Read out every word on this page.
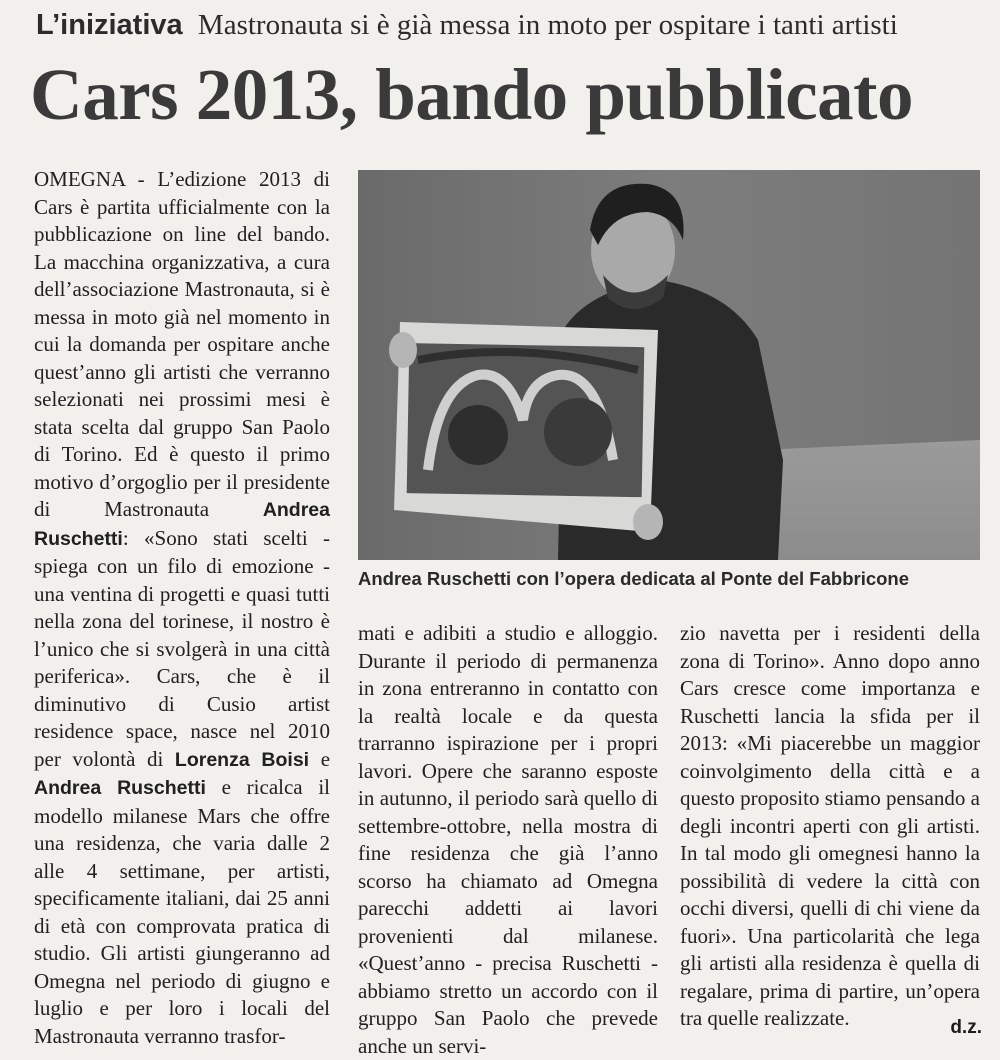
L’iniziativa Mastronauta si è già messa in moto per ospitare i tanti artisti
Cars 2013, bando pubblicato

OMEGNA - L’edizione 2013 di Cars è partita ufficialmente con la pubblicazione on line del bando. La macchina organizzativa, a cura dell’associazione Mastronauta, si è messa in moto già nel momento in cui la domanda per ospitare anche quest’anno gli artisti che verranno selezionati nei prossimi mesi è stata scelta dal gruppo San Paolo di Torino. Ed è questo il primo motivo d’orgoglio per il presidente di Mastronauta Andrea Ruschetti: «Sono stati scelti - spiega con un filo di emozione - una ventina di progetti e quasi tutti nella zona del torinese, il nostro è l’unico che si svolgerà in una città periferica». Cars, che è il diminutivo di Cusio artist residence space, nasce nel 2010 per volontà di Lorenza Boisi e Andrea Ruschetti e ricalca il modello milanese Mars che offre una residenza, che varia dalle 2 alle 4 settimane, per artisti, specificamente italiani, dai 25 anni di età con comprovata pratica di studio. Gli artisti giungeranno ad Omegna nel periodo di giugno e luglio e per loro i locali del Mastronauta verranno trasfor-

Andrea Ruschetti con l’opera dedicata al Ponte del Fabbricone

mati e adibiti a studio e alloggio. Durante il periodo di permanenza in zona entreranno in contatto con la realtà locale e da questa trarranno ispirazione per i propri lavori. Opere che saranno esposte in autunno, il periodo sarà quello di settembre-ottobre, nella mostra di fine residenza che già l’anno scorso ha chiamato ad Omegna parecchi addetti ai lavori provenienti dal milanese. «Quest’anno - precisa Ruschetti - abbiamo stretto un accordo con il gruppo San Paolo che prevede anche un servi-

zio navetta per i residenti della zona di Torino». Anno dopo anno Cars cresce come importanza e Ruschetti lancia la sfida per il 2013: «Mi piacerebbe un maggior coinvolgimento della città e a questo proposito stiamo pensando a degli incontri aperti con gli artisti. In tal modo gli omegnesi hanno la possibilità di vedere la città con occhi diversi, quelli di chi viene da fuori». Una particolarità che lega gli artisti alla residenza è quella di regalare, prima di partire, un’opera tra quelle realizzate.	d.z.
